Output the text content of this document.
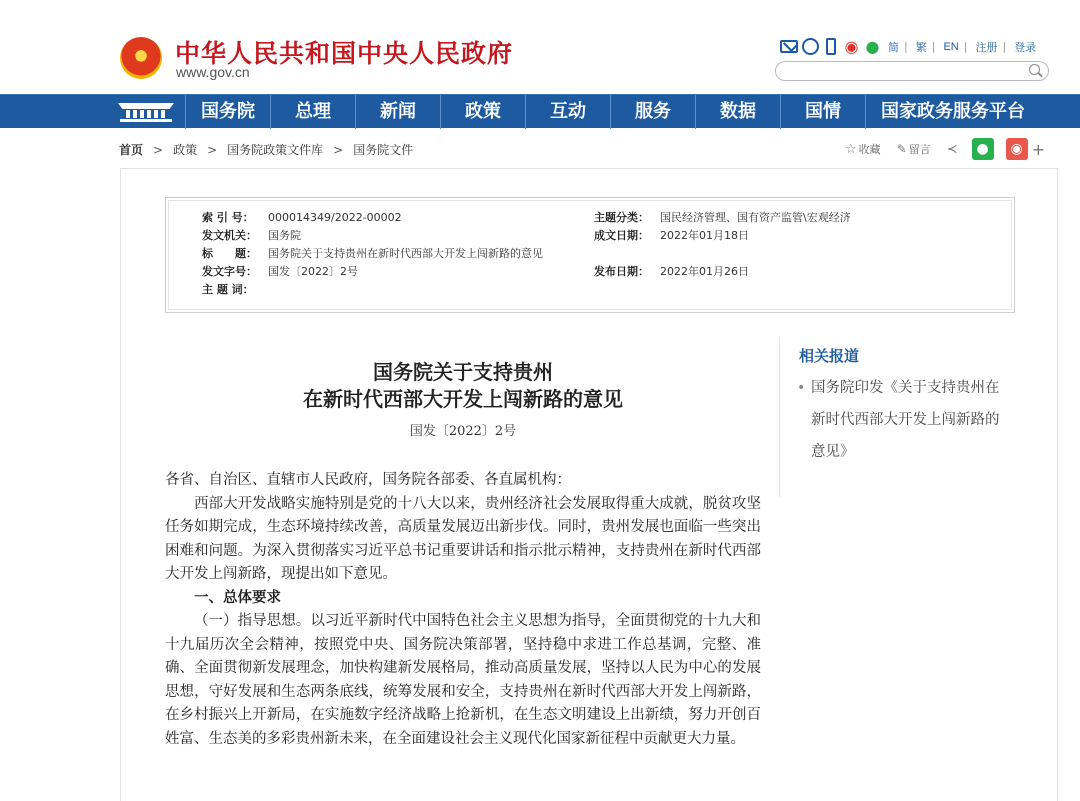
中华人民共和国中央人民政府
www.gov.cn
◉ ● 简 | 繁 | EN | 注册 | 登录
国务院	总理	新闻	政策	互动	服务	数据	国情	国家政务服务平台
首页 > 政策 > 国务院政策文件库 > 国务院文件	☆ 收藏 ✎ 留言 ≺	●	◉ +
索 引 号：	000014349/2022-00002	主题分类：	国民经济管理、国有资产监管\宏观经济
发文机关：	国务院	成文日期：	2022年01月18日
标　　题：	国务院关于支持贵州在新时代西部大开发上闯新路的意见
发文字号：	国发〔2022〕2号	发布日期：	2022年01月26日
主 题 词：
国务院关于支持贵州
在新时代西部大开发上闯新路的意见
国发〔2022〕2号

各省、自治区、直辖市人民政府，国务院各部委、各直属机构：

西部大开发战略实施特别是党的十八大以来，贵州经济社会发展取得重大成就，脱贫攻坚任务如期完成，生态环境持续改善，高质量发展迈出新步伐。同时，贵州发展也面临一些突出困难和问题。为深入贯彻落实习近平总书记重要讲话和指示批示精神，支持贵州在新时代西部大开发上闯新路，现提出如下意见。

一、总体要求

（一）指导思想。以习近平新时代中国特色社会主义思想为指导，全面贯彻党的十九大和十九届历次全会精神，按照党中央、国务院决策部署，坚持稳中求进工作总基调，完整、准确、全面贯彻新发展理念，加快构建新发展格局，推动高质量发展，坚持以人民为中心的发展思想，守好发展和生态两条底线，统筹发展和安全，支持贵州在新时代西部大开发上闯新路，在乡村振兴上开新局，在实施数字经济战略上抢新机，在生态文明建设上出新绩，努力开创百姓富、生态美的多彩贵州新未来，在全面建设社会主义现代化国家新征程中贡献更大力量。

相关报道
• 国务院印发《关于支持贵州在新时代西部大开发上闯新路的意见》
